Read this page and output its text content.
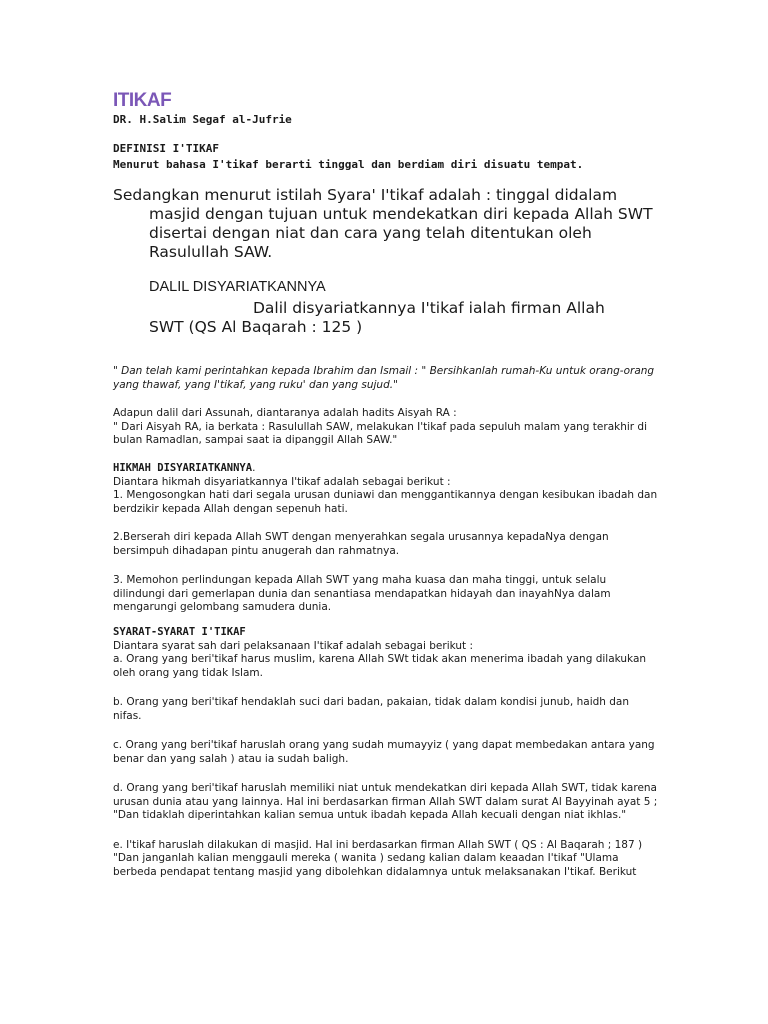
ITIKAF
DR. H.Salim Segaf al-Jufrie
DEFINISI I'TIKAF
Menurut bahasa I'tikaf berarti tinggal dan berdiam diri disuatu tempat.

Sedangkan menurut istilah Syara' I'tikaf adalah : tinggal didalam masjid dengan tujuan untuk mendekatkan diri kepada Allah SWT disertai dengan niat dan cara yang telah ditentukan oleh Rasulullah SAW.

DALIL DISYARIATKANNYA

Dalil disyariatkannya I'tikaf ialah firman Allah

SWT (QS Al Baqarah : 125 )

" Dan telah kami perintahkan kepada Ibrahim dan Ismail : " Bersihkanlah rumah-Ku untuk orang-orang yang thawaf, yang I'tikaf, yang ruku' dan yang sujud."

Adapun dalil dari Assunah, diantaranya adalah hadits Aisyah RA :

" Dari Aisyah RA, ia berkata : Rasulullah SAW, melakukan I'tikaf pada sepuluh malam yang terakhir di bulan Ramadlan, sampai saat ia dipanggil Allah SAW."

HIKMAH DISYARIATKANNYA.

Diantara hikmah disyariatkannya I'tikaf adalah sebagai berikut :

1. Mengosongkan hati dari segala urusan duniawi dan menggantikannya dengan kesibukan ibadah dan berdzikir kepada Allah dengan sepenuh hati.

2.Berserah diri kepada Allah SWT dengan menyerahkan segala urusannya kepadaNya dengan bersimpuh dihadapan pintu anugerah dan rahmatnya.

3. Memohon perlindungan kepada Allah SWT yang maha kuasa dan maha tinggi, untuk selalu dilindungi dari gemerlapan dunia dan senantiasa mendapatkan hidayah dan inayahNya dalam mengarungi gelombang samudera dunia.

SYARAT-SYARAT I'TIKAF

Diantara syarat sah dari pelaksanaan I'tikaf adalah sebagai berikut :

a. Orang yang beri'tikaf harus muslim, karena Allah SWt tidak akan menerima ibadah yang dilakukan oleh orang yang tidak Islam.

b. Orang yang beri'tikaf hendaklah suci dari badan, pakaian, tidak dalam kondisi junub, haidh dan nifas.

c. Orang yang beri'tikaf haruslah orang yang sudah mumayyiz ( yang dapat membedakan antara yang benar dan yang salah ) atau ia sudah baligh.

d. Orang yang beri'tikaf haruslah memiliki niat untuk mendekatkan diri kepada Allah SWT, tidak karena urusan dunia atau yang lainnya. Hal ini berdasarkan firman Allah SWT dalam surat Al Bayyinah ayat 5 ;

"Dan tidaklah diperintahkan kalian semua untuk ibadah kepada Allah kecuali dengan niat ikhlas."

e. I'tikaf haruslah dilakukan di masjid. Hal ini berdasarkan firman Allah SWT ( QS : Al Baqarah ; 187 )

"Dan janganlah kalian menggauli mereka ( wanita ) sedang kalian dalam keaadan I'tikaf "Ulama berbeda pendapat tentang masjid yang dibolehkan didalamnya untuk melaksanakan I'tikaf. Berikut
